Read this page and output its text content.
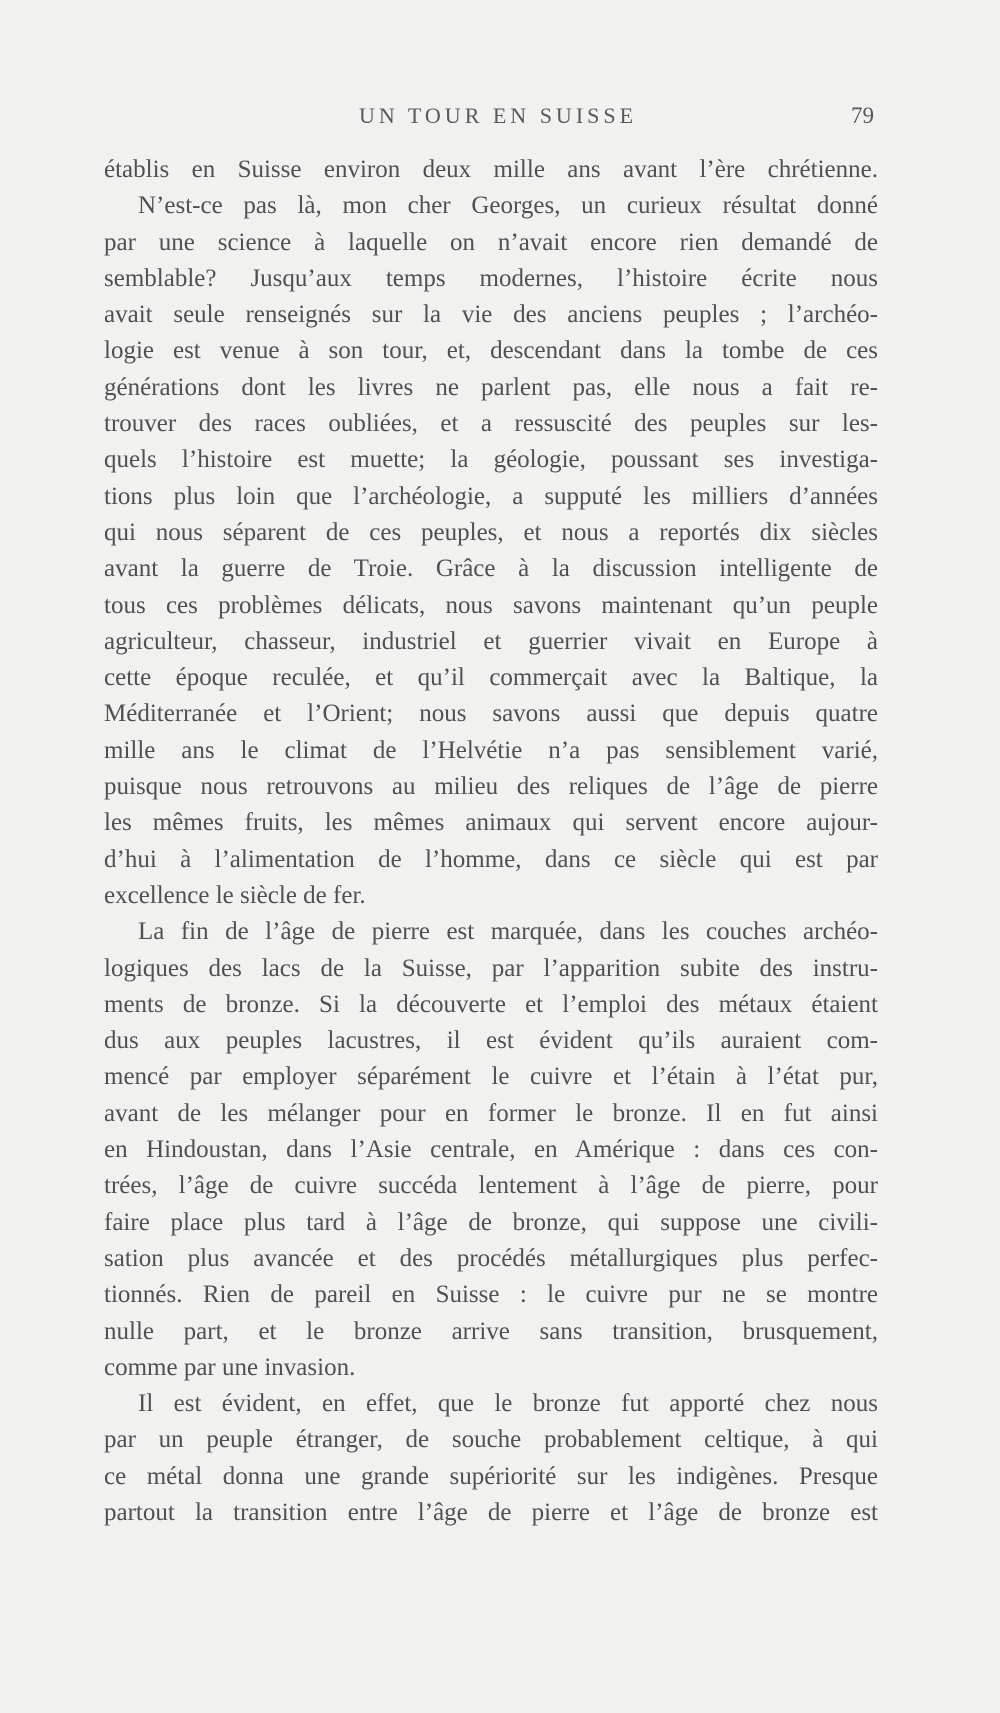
UN TOUR EN SUISSE	79
établis en Suisse environ deux mille ans avant l’ère chrétienne.
N’est-ce pas là, mon cher Georges, un curieux résultat donné
par une science à laquelle on n’avait encore rien demandé de
semblable? Jusqu’aux temps modernes, l’histoire écrite nous
avait seule renseignés sur la vie des anciens peuples ; l’archéo-
logie est venue à son tour, et, descendant dans la tombe de ces
générations dont les livres ne parlent pas, elle nous a fait re-
trouver des races oubliées, et a ressuscité des peuples sur les-
quels l’histoire est muette; la géologie, poussant ses investiga-
tions plus loin que l’archéologie, a supputé les milliers d’années
qui nous séparent de ces peuples, et nous a reportés dix siècles
avant la guerre de Troie. Grâce à la discussion intelligente de
tous ces problèmes délicats, nous savons maintenant qu’un peuple
agriculteur, chasseur, industriel et guerrier vivait en Europe à
cette époque reculée, et qu’il commerçait avec la Baltique, la
Méditerranée et l’Orient; nous savons aussi que depuis quatre
mille ans le climat de l’Helvétie n’a pas sensiblement varié,
puisque nous retrouvons au milieu des reliques de l’âge de pierre
les mêmes fruits, les mêmes animaux qui servent encore aujour-
d’hui à l’alimentation de l’homme, dans ce siècle qui est par
excellence le siècle de fer.
La fin de l’âge de pierre est marquée, dans les couches archéo-
logiques des lacs de la Suisse, par l’apparition subite des instru-
ments de bronze. Si la découverte et l’emploi des métaux étaient
dus aux peuples lacustres, il est évident qu’ils auraient com-
mencé par employer séparément le cuivre et l’étain à l’état pur,
avant de les mélanger pour en former le bronze. Il en fut ainsi
en Hindoustan, dans l’Asie centrale, en Amérique : dans ces con-
trées, l’âge de cuivre succéda lentement à l’âge de pierre, pour
faire place plus tard à l’âge de bronze, qui suppose une civili-
sation plus avancée et des procédés métallurgiques plus perfec-
tionnés. Rien de pareil en Suisse : le cuivre pur ne se montre
nulle part, et le bronze arrive sans transition, brusquement,
comme par une invasion.
Il est évident, en effet, que le bronze fut apporté chez nous
par un peuple étranger, de souche probablement celtique, à qui
ce métal donna une grande supériorité sur les indigènes. Presque
partout la transition entre l’âge de pierre et l’âge de bronze est
